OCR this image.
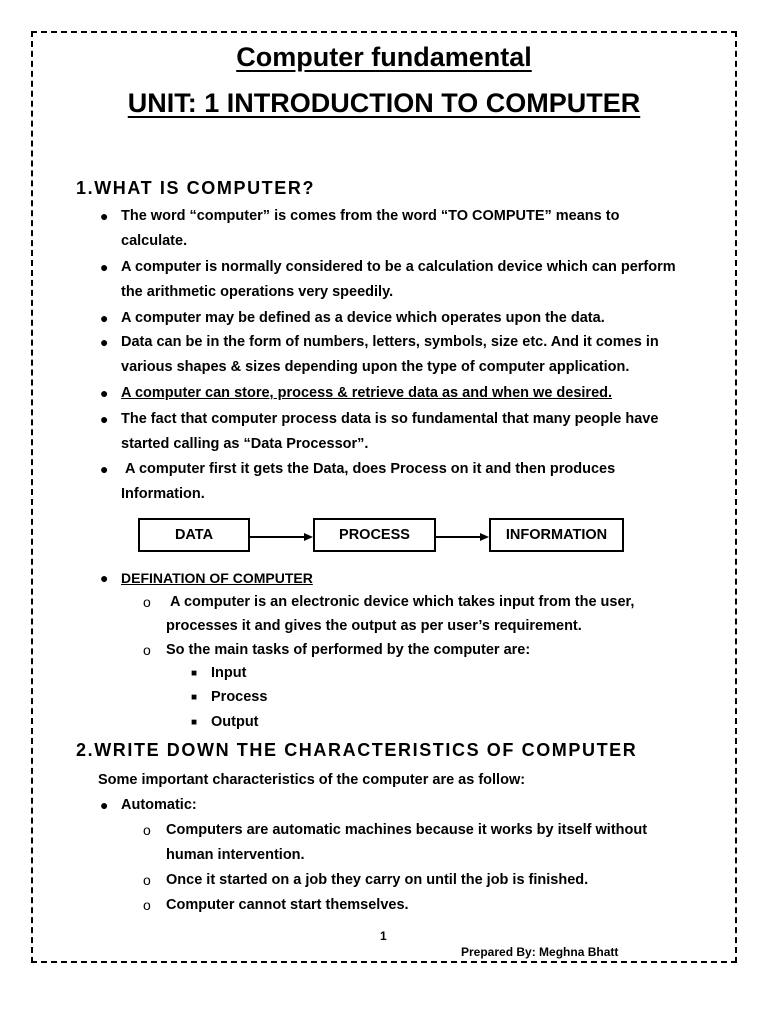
Computer fundamental
UNIT: 1 INTRODUCTION TO COMPUTER
1.WHAT IS COMPUTER?
● The word “computer” is comes from the word “TO COMPUTE” means to
calculate.
● A computer is normally considered to be a calculation device which can perform
the arithmetic operations very speedily.
● A computer may be defined as a device which operates upon the data.
● Data can be in the form of numbers, letters, symbols, size etc. And it comes in
various shapes & sizes depending upon the type of computer application.
● A computer can store, process & retrieve data as and when we desired.
● The fact that computer process data is so fundamental that many people have
started calling as “Data Processor”.
● A computer first it gets the Data, does Process on it and then produces
Information.
DATA	PROCESS	INFORMATION
● DEFINATION OF COMPUTER
o A computer is an electronic device which takes input from the user,
processes it and gives the output as per user’s requirement.
o So the main tasks of performed by the computer are:
■ Input
■ Process
■ Output
2.WRITE DOWN THE CHARACTERISTICS OF COMPUTER
Some important characteristics of the computer are as follow:
● Automatic:
o Computers are automatic machines because it works by itself without
human intervention.
o Once it started on a job they carry on until the job is finished.
o Computer cannot start themselves.
1
Prepared By: Meghna Bhatt
